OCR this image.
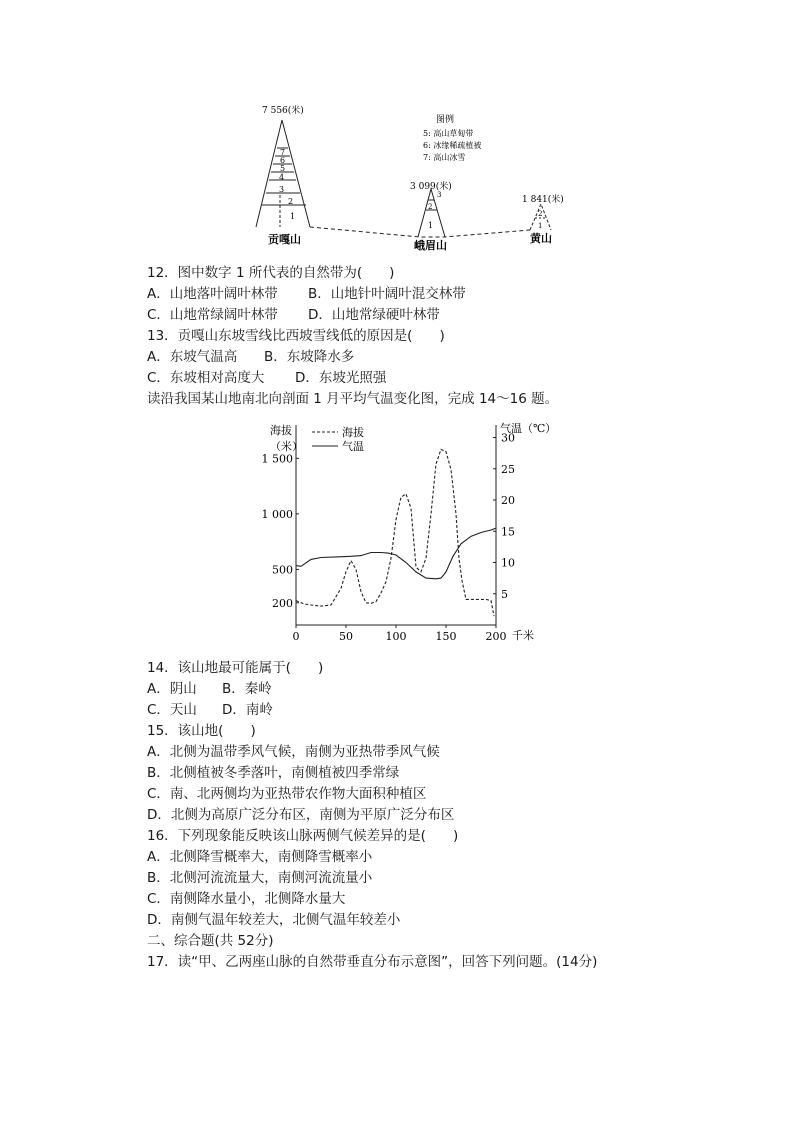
1
2
3
4
5
6
7
7 556(米)
贡嘎山
1
2
3
3 099(米)
峨眉山
1
2
1 841(米)
黄山
图例
5: 高山草甸带
6: 冰缘稀疏植被
7: 高山冰雪
12．图中数字 1 所代表的自然带为(　　)
A．山地落叶阔叶林带 B．山地针叶阔叶混交林带
C．山地常绿阔叶林带 D．山地常绿硬叶林带
13．贡嘎山东坡雪线比西坡雪线低的原因是(　　)
A．东坡气温高 B．东坡降水多
C．东坡相对高度大 D．东坡光照强
读沿我国某山地南北向剖面 1 月平均气温变化图，完成 14～16 题。
海拔
（米）
气温（℃）
千米
海拔
气温
0	50	100	150	200
200
500
1 000
1 500
5
10
15
20
25
30
14．该山地最可能属于(　　)
A．阴山 B．秦岭
C．天山 D．南岭
15．该山地(　　)
A．北侧为温带季风气候，南侧为亚热带季风气候
B．北侧植被冬季落叶，南侧植被四季常绿
C．南、北两侧均为亚热带农作物大面积种植区
D．北侧为高原广泛分布区，南侧为平原广泛分布区
16．下列现象能反映该山脉两侧气候差异的是(　　)
A．北侧降雪概率大，南侧降雪概率小
B．北侧河流流量大，南侧河流流量小
C．南侧降水量小，北侧降水量大
D．南侧气温年较差大，北侧气温年较差小
二、综合题(共 52分)
17．读“甲、乙两座山脉的自然带垂直分布示意图”，回答下列问题。(14分)
